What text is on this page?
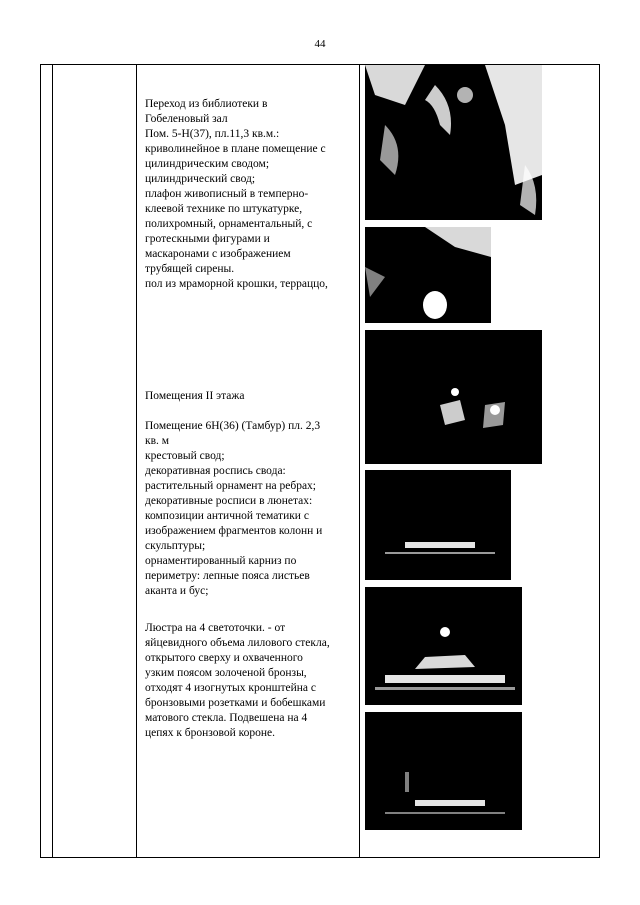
44

Переход из библиотеки в

Гобеленовый зал

Пом. 5-Н(37), пл.11,3 кв.м.:

криволинейное в плане помещение с

цилиндрическим сводом;

цилиндрический свод;

плафон живописный в темперно-

клеевой технике по штукатурке,

полихромный, орнаментальный, с

гротескными фигурами и

маскаронами с изображением

трубящей сирены.

пол из мраморной крошки, терраццо,

Помещения II этажа

Помещение 6Н(36) (Тамбур) пл. 2,3

кв. м

крестовый свод;

декоративная роспись свода:

растительный орнамент на ребрах;

декоративные росписи в люнетах:

композиции античной тематики с

изображением фрагментов колонн и

скульптуры;

орнаментированный карниз по

периметру: лепные пояса листьев

аканта и бус;

Люстра на 4 светоточки. - от

яйцевидного объема лилового стекла,

открытого сверху и охваченного

узким поясом золоченой бронзы,

отходят 4 изогнутых кронштейна с

бронзовыми розетками и бобешками

матового стекла. Подвешена на 4

цепях к бронзовой короне.
